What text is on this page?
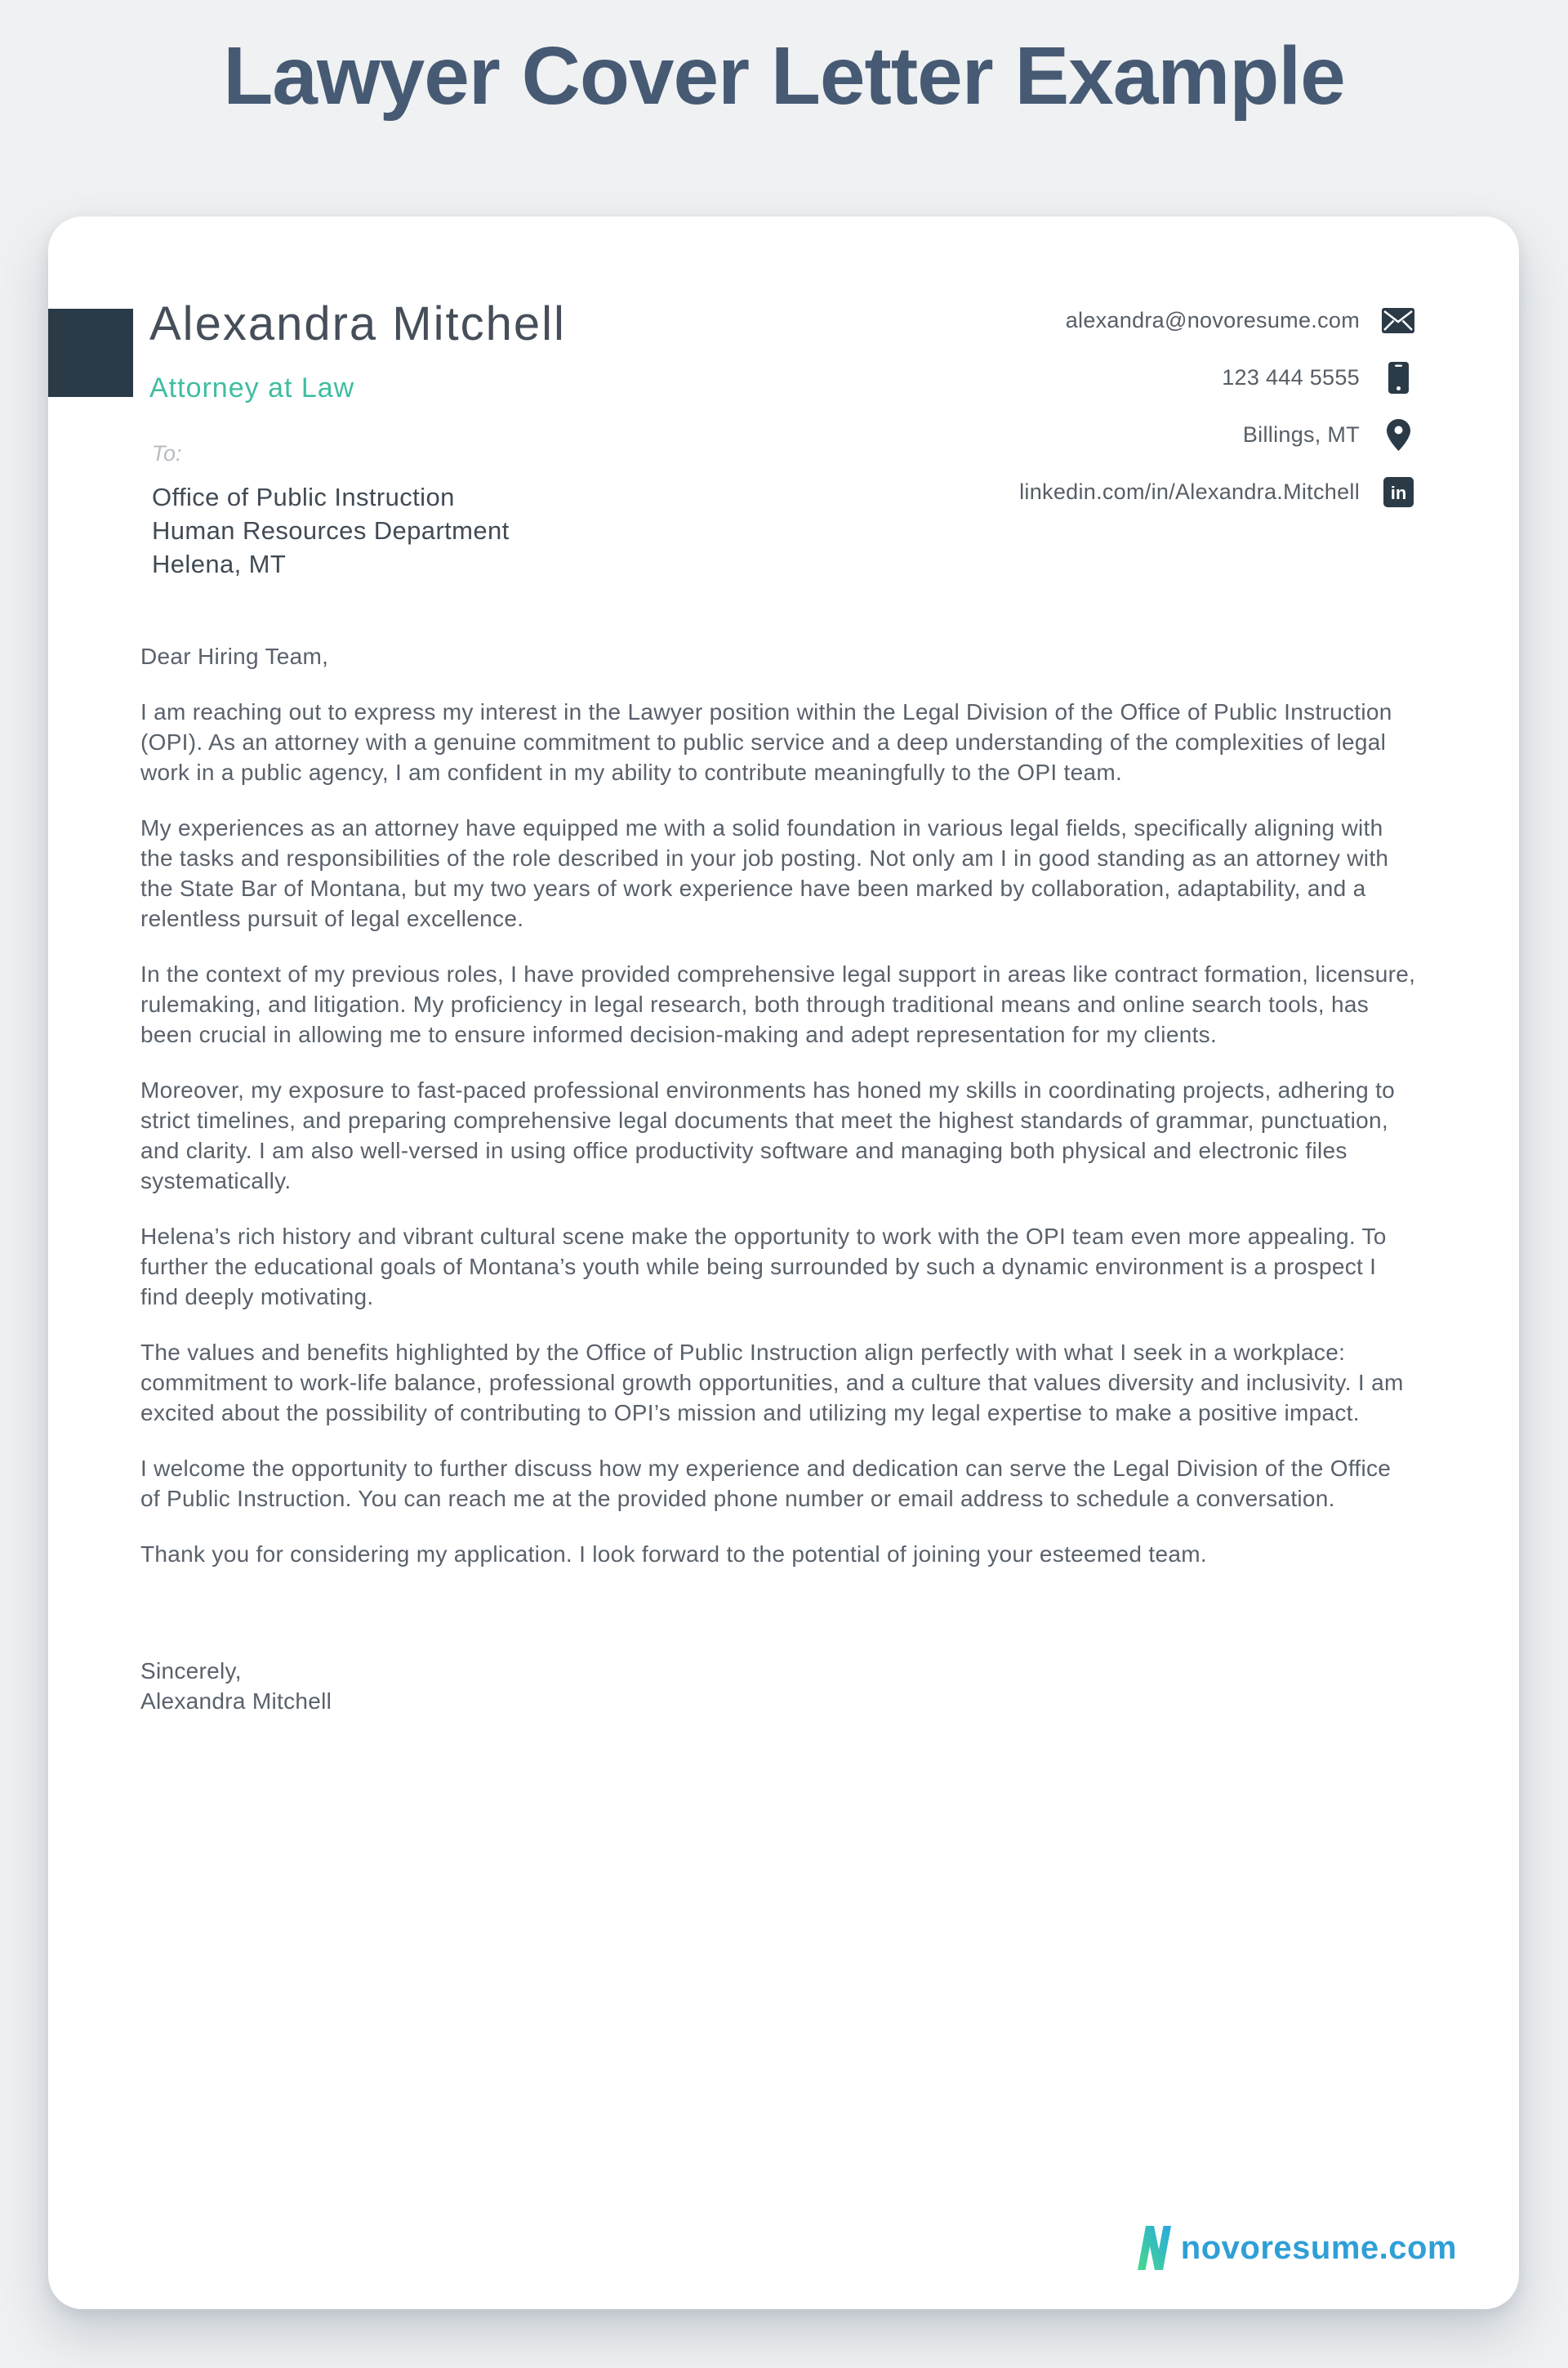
Lawyer Cover Letter Example
Alexandra Mitchell
Attorney at Law
alexandra@novoresume.com
123 444 5555
Billings, MT
linkedin.com/in/Alexandra.Mitchell in
To:
Office of Public Instruction
Human Resources Department
Helena, MT

Dear Hiring Team,

I am reaching out to express my interest in the Lawyer position within the Legal Division of the Office of Public Instruction (OPI). As an attorney with a genuine commitment to public service and a deep understanding of the complexities of legal work in a public agency, I am confident in my ability to contribute meaningfully to the OPI team.

My experiences as an attorney have equipped me with a solid foundation in various legal fields, specifically aligning with the tasks and responsibilities of the role described in your job posting. Not only am I in good standing as an attorney with the State Bar of Montana, but my two years of work experience have been marked by collaboration, adaptability, and a relentless pursuit of legal excellence.

In the context of my previous roles, I have provided comprehensive legal support in areas like contract formation, licensure, rulemaking, and litigation. My proficiency in legal research, both through traditional means and online search tools, has been crucial in allowing me to ensure informed decision-making and adept representation for my clients.

Moreover, my exposure to fast-paced professional environments has honed my skills in coordinating projects, adhering to strict timelines, and preparing comprehensive legal documents that meet the highest standards of grammar, punctuation, and clarity. I am also well-versed in using office productivity software and managing both physical and electronic files systematically.

Helena’s rich history and vibrant cultural scene make the opportunity to work with the OPI team even more appealing. To further the educational goals of Montana’s youth while being surrounded by such a dynamic environment is a prospect I find deeply motivating.

The values and benefits highlighted by the Office of Public Instruction align perfectly with what I seek in a workplace: commitment to work-life balance, professional growth opportunities, and a culture that values diversity and inclusivity. I am excited about the possibility of contributing to OPI’s mission and utilizing my legal expertise to make a positive impact.

I welcome the opportunity to further discuss how my experience and dedication can serve the Legal Division of the Office of Public Instruction. You can reach me at the provided phone number or email address to schedule a conversation.

Thank you for considering my application. I look forward to the potential of joining your esteemed team.

Sincerely,

Alexandra Mitchell

novoresume.com
